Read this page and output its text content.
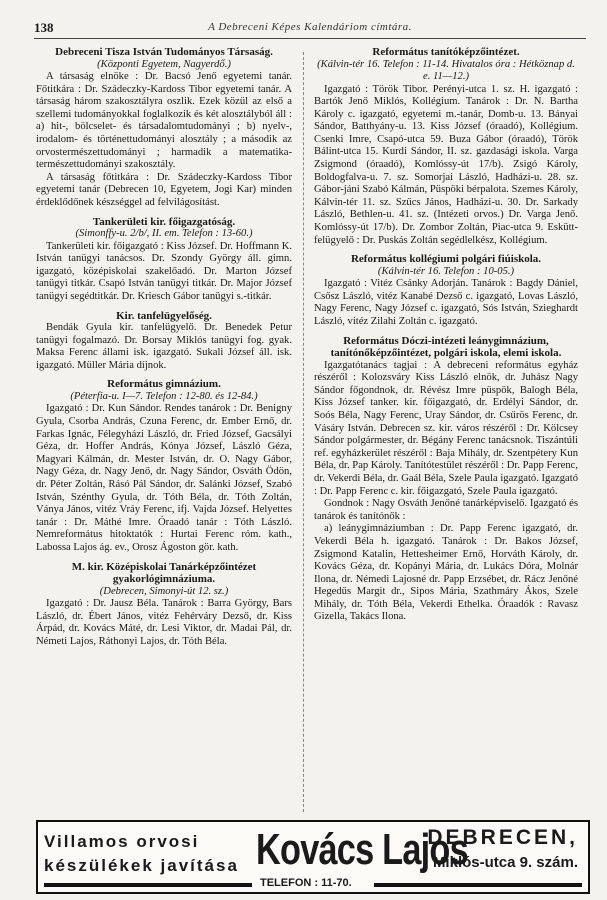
138	A Debreceni Képes Kalendáriom címtára.
Debreceni Tisza István Tudományos Társaság.
(Központi Egyetem, Nagyerdő.)

A társaság elnöke : Dr. Bacsó Jenő egyetemi tanár. Főtitkára : Dr. Szádeczky-Kardoss Tibor egyetemi tanár. A társaság három szakosztályra oszlik. Ezek közül az első a szellemi tudományokkal foglalkozik és két alosztályból áll : a) hit-, bölcselet- és társadalomtudományi ; b) nyelv-, irodalom- és történettudományi alosztály ; a második az orvostermészettudományi ; harmadik a matematika-természettudományi szakosztály.

A társaság főtitkára : Dr. Szádeczky-Kardoss Tibor egyetemi tanár (Debrecen 10, Egyetem, Jogi Kar) minden érdeklődőnek készséggel ad felvilágosítást.

Tankerületi kir. főigazgatóság.
(Simonffy-u. 2/b/, II. em. Telefon : 13-60.)

Tankerületi kir. főigazgató : Kiss József. Dr. Hoffmann K. István tanügyi tanácsos. Dr. Szondy György áll. gimn. igazgató, középiskolai szakelőadó. Dr. Marton József tanügyi titkár. Csapó István tanügyi titkár. Dr. Major József tanügyi segédtitkár. Dr. Kriesch Gábor tanügyi s.-titkár.

Kir. tanfelügyelőség.

Bendák Gyula kir. tanfelügyelő. Dr. Benedek Petur tanügyi fogalmazó. Dr. Borsay Miklós tanügyi fog. gyak. Maksa Ferenc állami isk. igazgató. Sukali József áll. isk. igazgató. Müller Mária díjnok.

Református gimnázium.
(Péterfia-u. I—7. Telefon : 12-80. és 12-84.)

Igazgató : Dr. Kun Sándor. Rendes tanárok : Dr. Benigny Gyula, Csorba András, Czuna Ferenc, dr. Ember Ernő, dr. Farkas Ignác, Félegyházi László, dr. Fried József, Gacsályi Géza, dr. Hoffer András, Kónya József, László Géza, Magyari Kálmán, dr. Mester István, dr. O. Nagy Gábor, Nagy Géza, dr. Nagy Jenő, dr. Nagy Sándor, Osváth Ödön, dr. Péter Zoltán, Rásó Pál Sándor, dr. Salánki József, Szabó István, Szénthy Gyula, dr. Tóth Béla, dr. Tóth Zoltán, Ványa János, vitéz Vráy Ferenc, ifj. Vajda József. Helyettes tanár : Dr. Máthé Imre. Óraadó tanár : Tóth László. Nemreformátus hitoktatók : Hurtai Ferenc róm. kath., Labossa Lajos ág. ev., Orosz Ágoston gör. kath.

M. kir. Középiskolai Tanárképzőintézet gyakorlógimnáziuma.
(Debrecen, Simonyi-út 12. sz.)

Igazgató : Dr. Jausz Béla. Tanárok : Barra György, Bars László, dr. Ébert János, vitéz Fehérváry Dezső, dr. Kiss Árpád, dr. Kovács Máté, dr. Lesi Viktor, dr. Madai Pál, dr. Németi Lajos, Ráthonyi Lajos, dr. Tóth Béla.

Református tanítóképzőintézet.
(Kálvin-tér 16. Telefon : 11-14. Hivatalos óra : Hétköznap d. e. 11—12.)

Igazgató : Török Tibor. Perényi-utca 1. sz. H. igazgató : Bartók Jenő Miklós, Kollégium. Tanárok : Dr. N. Bartha Károly c. igazgató, egyetemi m.-tanár, Domb-u. 13. Bányai Sándor, Batthyány-u. 13. Kiss József (óraadó), Kollégium. Csenki Imre, Csapó-utca 59. Buza Gábor (óraadó), Török Bálint-utca 15. Kurdi Sándor, II. sz. gazdasági iskola. Varga Zsigmond (óraadó), Komlóssy-út 17/b). Zsigó Károly, Boldogfalva-u. 7. sz. Somorjai László, Hadházi-u. 28. sz. Gábor-jáni Szabó Kálmán, Püspöki bérpalota. Szemes Károly, Kálvin-tér 11. sz. Szűcs János, Hadházi-u. 30. Dr. Sarkady László, Bethlen-u. 41. sz. (Intézeti orvos.) Dr. Varga Jenő. Komlóssy-út 17/b). Dr. Zombor Zoltán, Piac-utca 9. Eskütt-felügyelő : Dr. Puskás Zoltán segédlelkész, Kollégium.

Református kollégiumi polgári fiúiskola.
(Kálvin-tér 16. Telefon : 10-05.)

Igazgató : Vitéz Csánky Adorján. Tanárok : Bagdy Dániel, Csősz László, vitéz Kanabé Dezső c. igazgató, Lovas László, Nagy Ferenc, Nagy József c. igazgató, Sós István, Szieghardt László, vitéz Zilahi Zoltán c. igazgató.

Református Dóczi-intézeti leánygimnázium, tanítónőképzőintézet, polgári iskola, elemi iskola.

Igazgatótanács tagjai : A debreceni református egyház részéről : Kolozsváry Kiss László elnök, dr. Juhász Nagy Sándor főgondnok, dr. Révész Imre püspök, Balogh Béla, Kiss József tanker. kir. főigazgató, dr. Erdélyi Sándor, dr. Soós Béla, Nagy Ferenc, Uray Sándor, dr. Csűrös Ferenc, dr. Vásáry István. Debrecen sz. kir. város részéről : Dr. Kölcsey Sándor polgármester, dr. Bégány Ferenc tanácsnok. Tiszántúli ref. egyházkerület részéről : Baja Mihály, dr. Szentpétery Kun Béla, dr. Pap Károly. Tanítótestület részéről : Dr. Papp Ferenc, dr. Vekerdi Béla, dr. Gaál Béla, Szele Paula igazgató. Igazgató : Dr. Papp Ferenc c. kir. főigazgató, Szele Paula igazgató.

Gondnok : Nagy Osváth Jenőné tanárképviselő. Igazgató és tanárok és tanítónők :

a) leánygimnáziumban : Dr. Papp Ferenc igazgató, dr. Vekerdi Béla h. igazgató. Tanárok : Dr. Bakos József, Zsigmond Katalin, Hettesheimer Ernő, Horváth Károly, dr. Kovács Géza, dr. Kopányi Mária, dr. Lukács Dóra, Molnár Ilona, dr. Némedi Lajosné dr. Papp Erzsébet, dr. Rácz Jenőné Hegedűs Margit dr., Sipos Mária, Szathmáry Ákos, Szele Mihály, dr. Tóth Béla, Vekerdi Ethelka. Óraadók : Ravasz Gizella, Takács Ilona.

Villamos orvosi
készülékek javítása Kovács Lajos
DEBRECEN,
Miklós-utca 9. szám.
TELEFON : 11-70.
